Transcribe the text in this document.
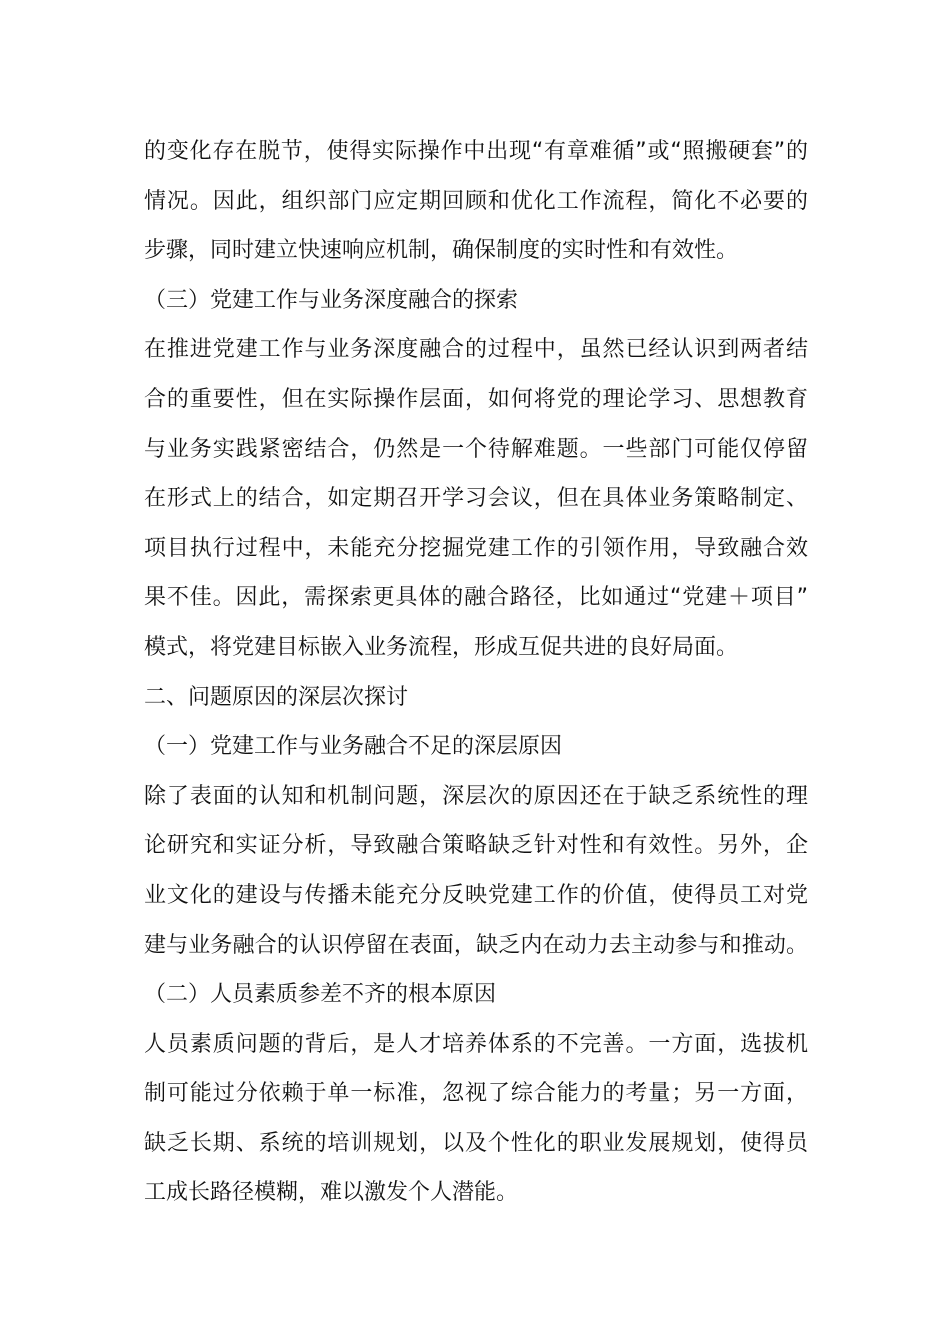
的变化存在脱节，使得实际操作中出现“有章难循”或“照搬硬套”的
情况。因此，组织部门应定期回顾和优化工作流程，简化不必要的
步骤，同时建立快速响应机制，确保制度的实时性和有效性。
（三）党建工作与业务深度融合的探索
在推进党建工作与业务深度融合的过程中，虽然已经认识到两者结
合的重要性，但在实际操作层面，如何将党的理论学习、思想教育
与业务实践紧密结合，仍然是一个待解难题。一些部门可能仅停留
在形式上的结合，如定期召开学习会议，但在具体业务策略制定、
项目执行过程中，未能充分挖掘党建工作的引领作用，导致融合效
果不佳。因此，需探索更具体的融合路径，比如通过“党建＋项目”
模式，将党建目标嵌入业务流程，形成互促共进的良好局面。
二、问题原因的深层次探讨
（一）党建工作与业务融合不足的深层原因
除了表面的认知和机制问题，深层次的原因还在于缺乏系统性的理
论研究和实证分析，导致融合策略缺乏针对性和有效性。另外，企
业文化的建设与传播未能充分反映党建工作的价值，使得员工对党
建与业务融合的认识停留在表面，缺乏内在动力去主动参与和推动。
（二）人员素质参差不齐的根本原因
人员素质问题的背后，是人才培养体系的不完善。一方面，选拔机
制可能过分依赖于单一标准，忽视了综合能力的考量；另一方面，
缺乏长期、系统的培训规划，以及个性化的职业发展规划，使得员
工成长路径模糊，难以激发个人潜能。
